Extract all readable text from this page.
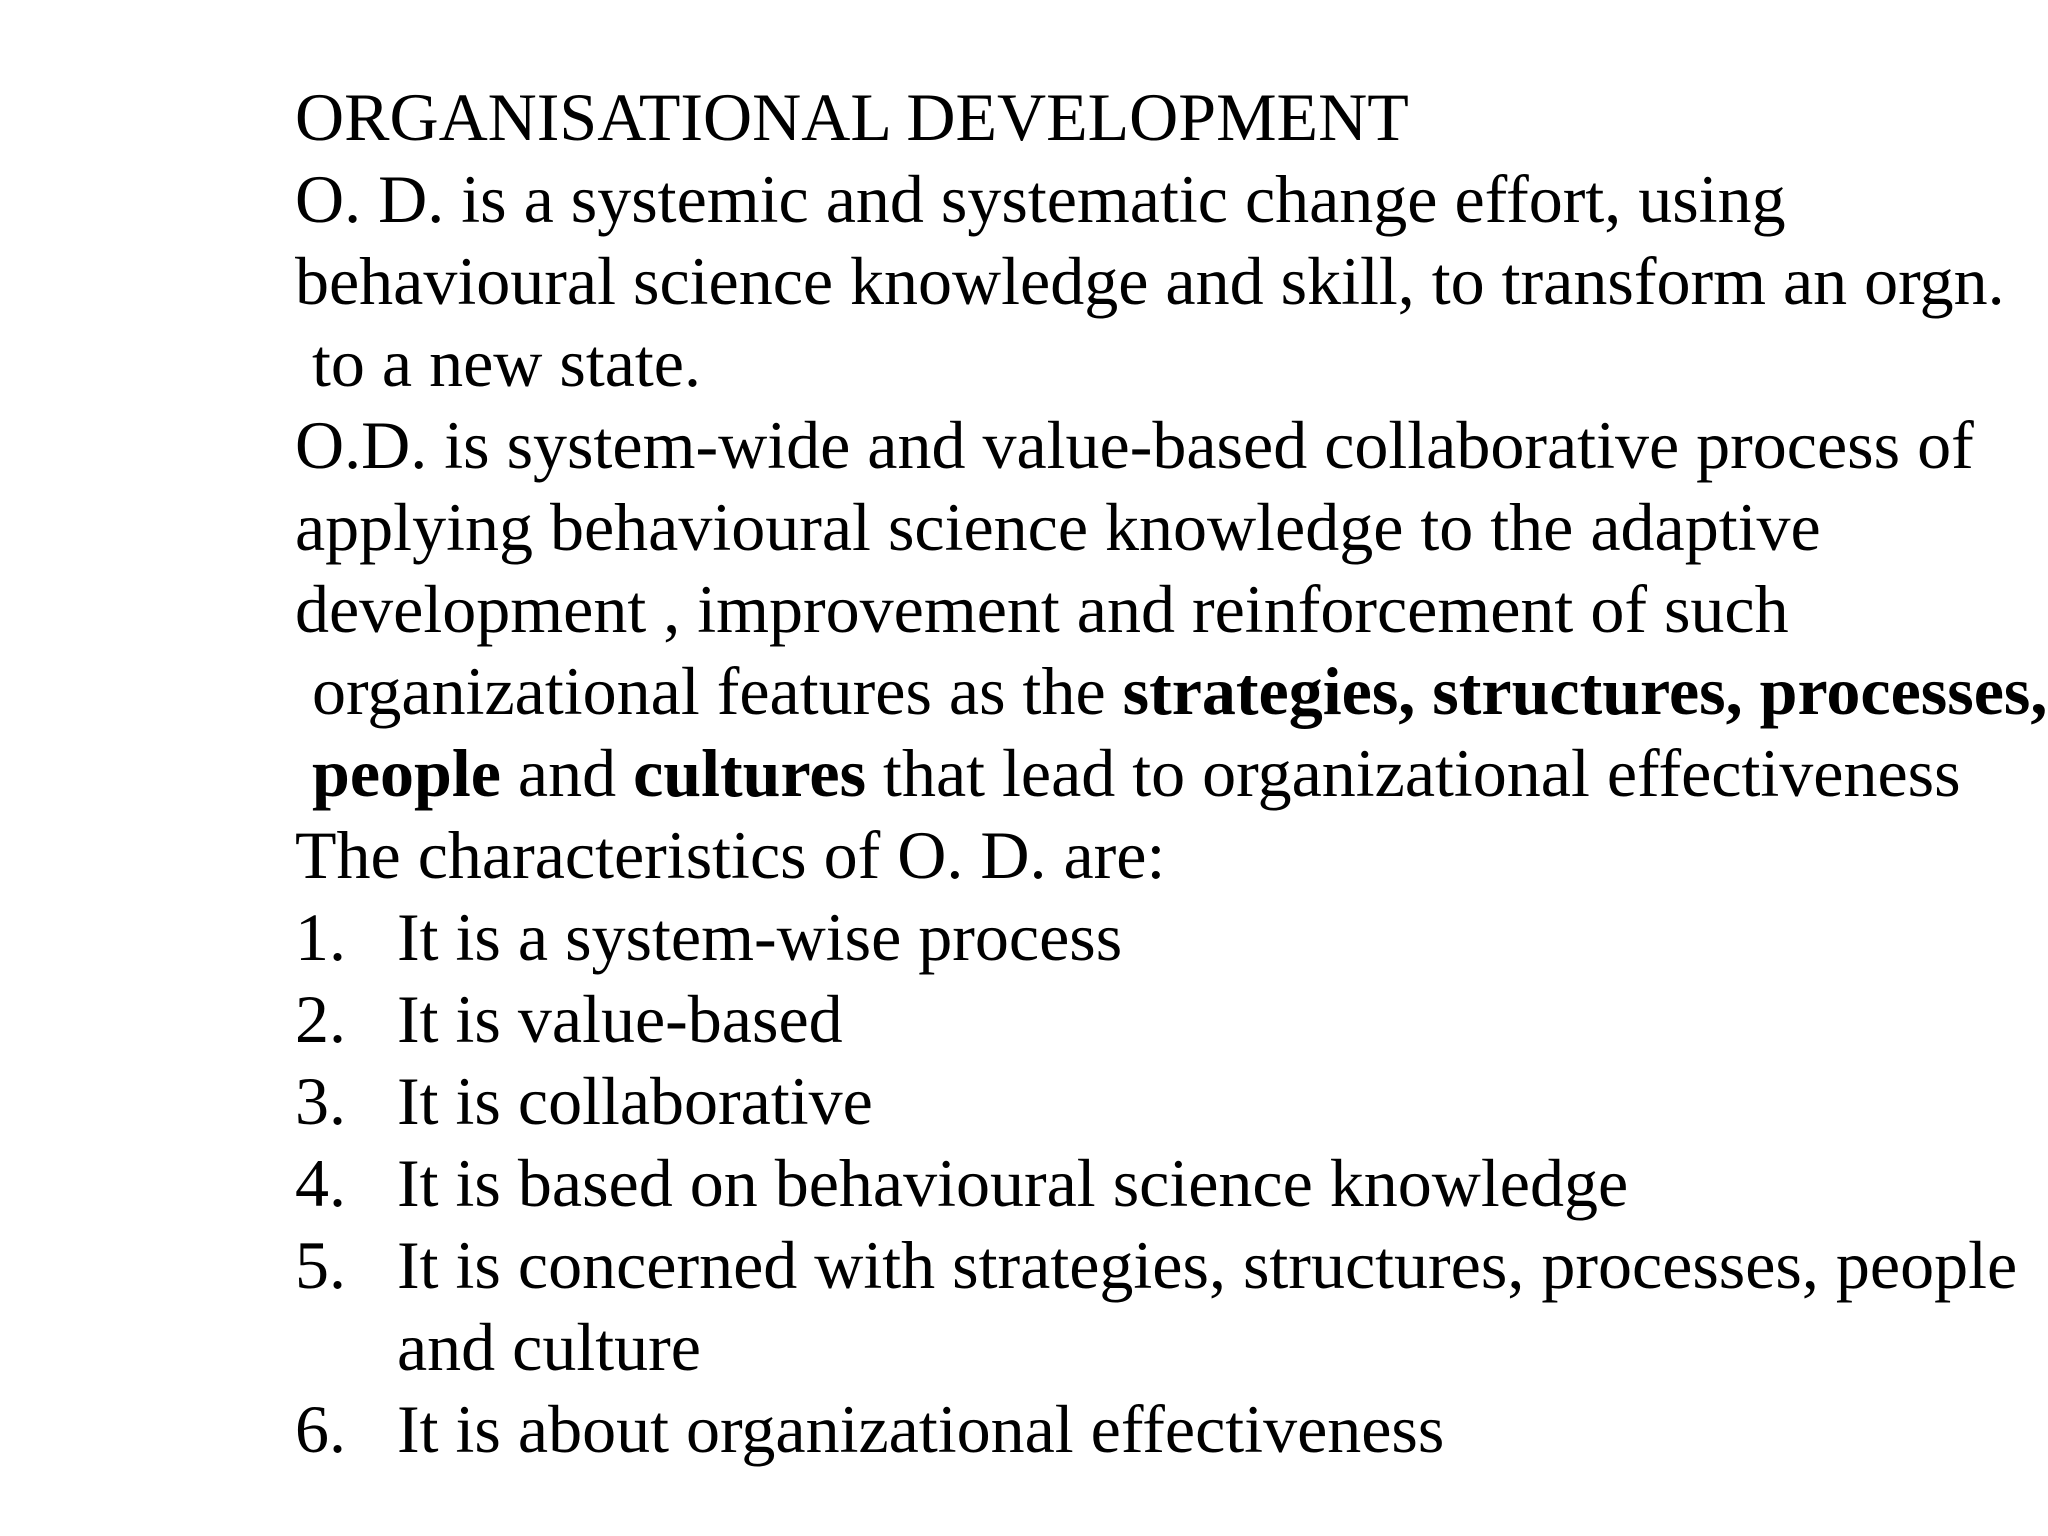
ORGANISATIONAL DEVELOPMENT
O. D. is a systemic and systematic change effort, using
behavioural science knowledge and skill, to transform an orgn.
to a new state.
O.D. is system-wide and value-based collaborative process of
applying behavioural science knowledge to the adaptive
development , improvement and reinforcement of such
organizational features as the strategies, structures, processes,
people and cultures that lead to organizational effectiveness
The characteristics of O. D. are:
1. It is a system-wise process
2. It is value-based
3. It is collaborative
4. It is based on behavioural science knowledge
5. It is concerned with strategies, structures, processes, people
and culture
6. It is about organizational effectiveness
